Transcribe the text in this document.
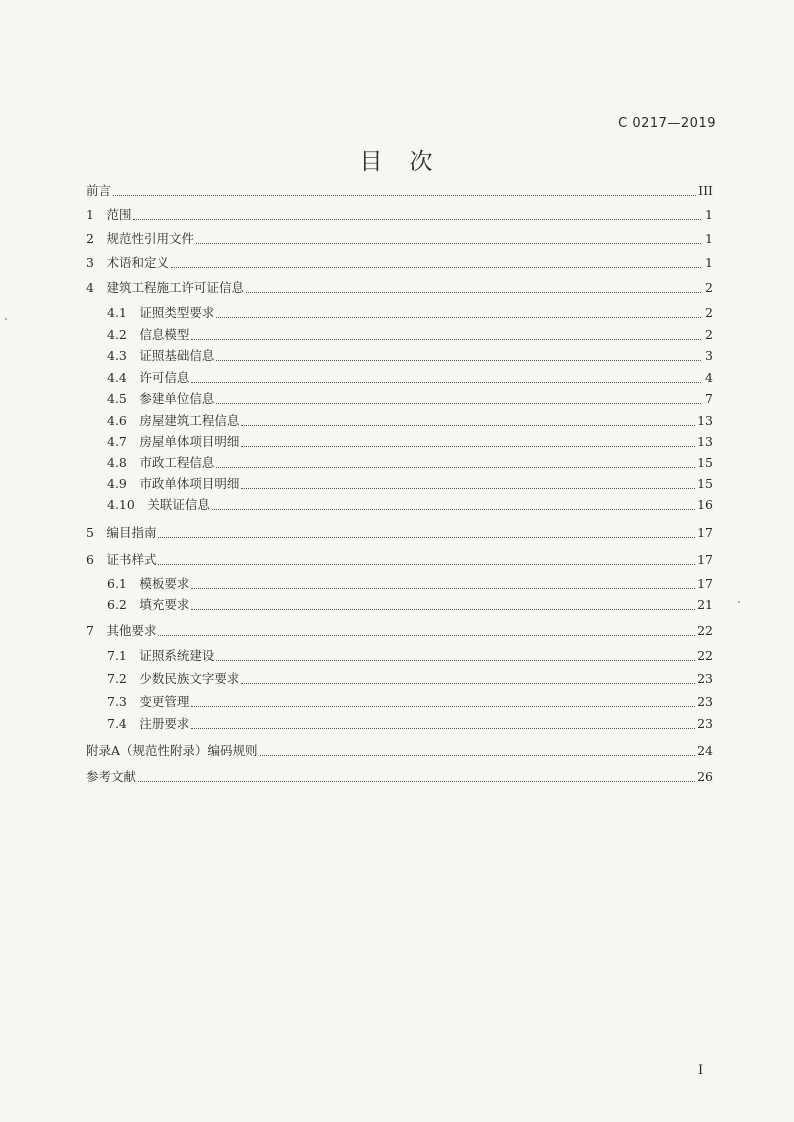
C 0217—2019
目　次
前言	III
1　范围	1
2　规范性引用文件	1
3　术语和定义	1
4　建筑工程施工许可证信息	2
4.1　证照类型要求	2
4.2　信息模型	2
4.3　证照基础信息	3
4.4　许可信息	4
4.5　参建单位信息	7
4.6　房屋建筑工程信息	13
4.7　房屋单体项目明细	13
4.8　市政工程信息	15
4.9　市政单体项目明细	15
4.10　关联证信息	16
5　编目指南	17
6　证书样式	17
6.1　模板要求	17
6.2　填充要求	21
7　其他要求	22
7.1　证照系统建设	22
7.2　少数民族文字要求	23
7.3　变更管理	23
7.4　注册要求	23
附录A（规范性附录）编码规则	24
参考文献	26
I
